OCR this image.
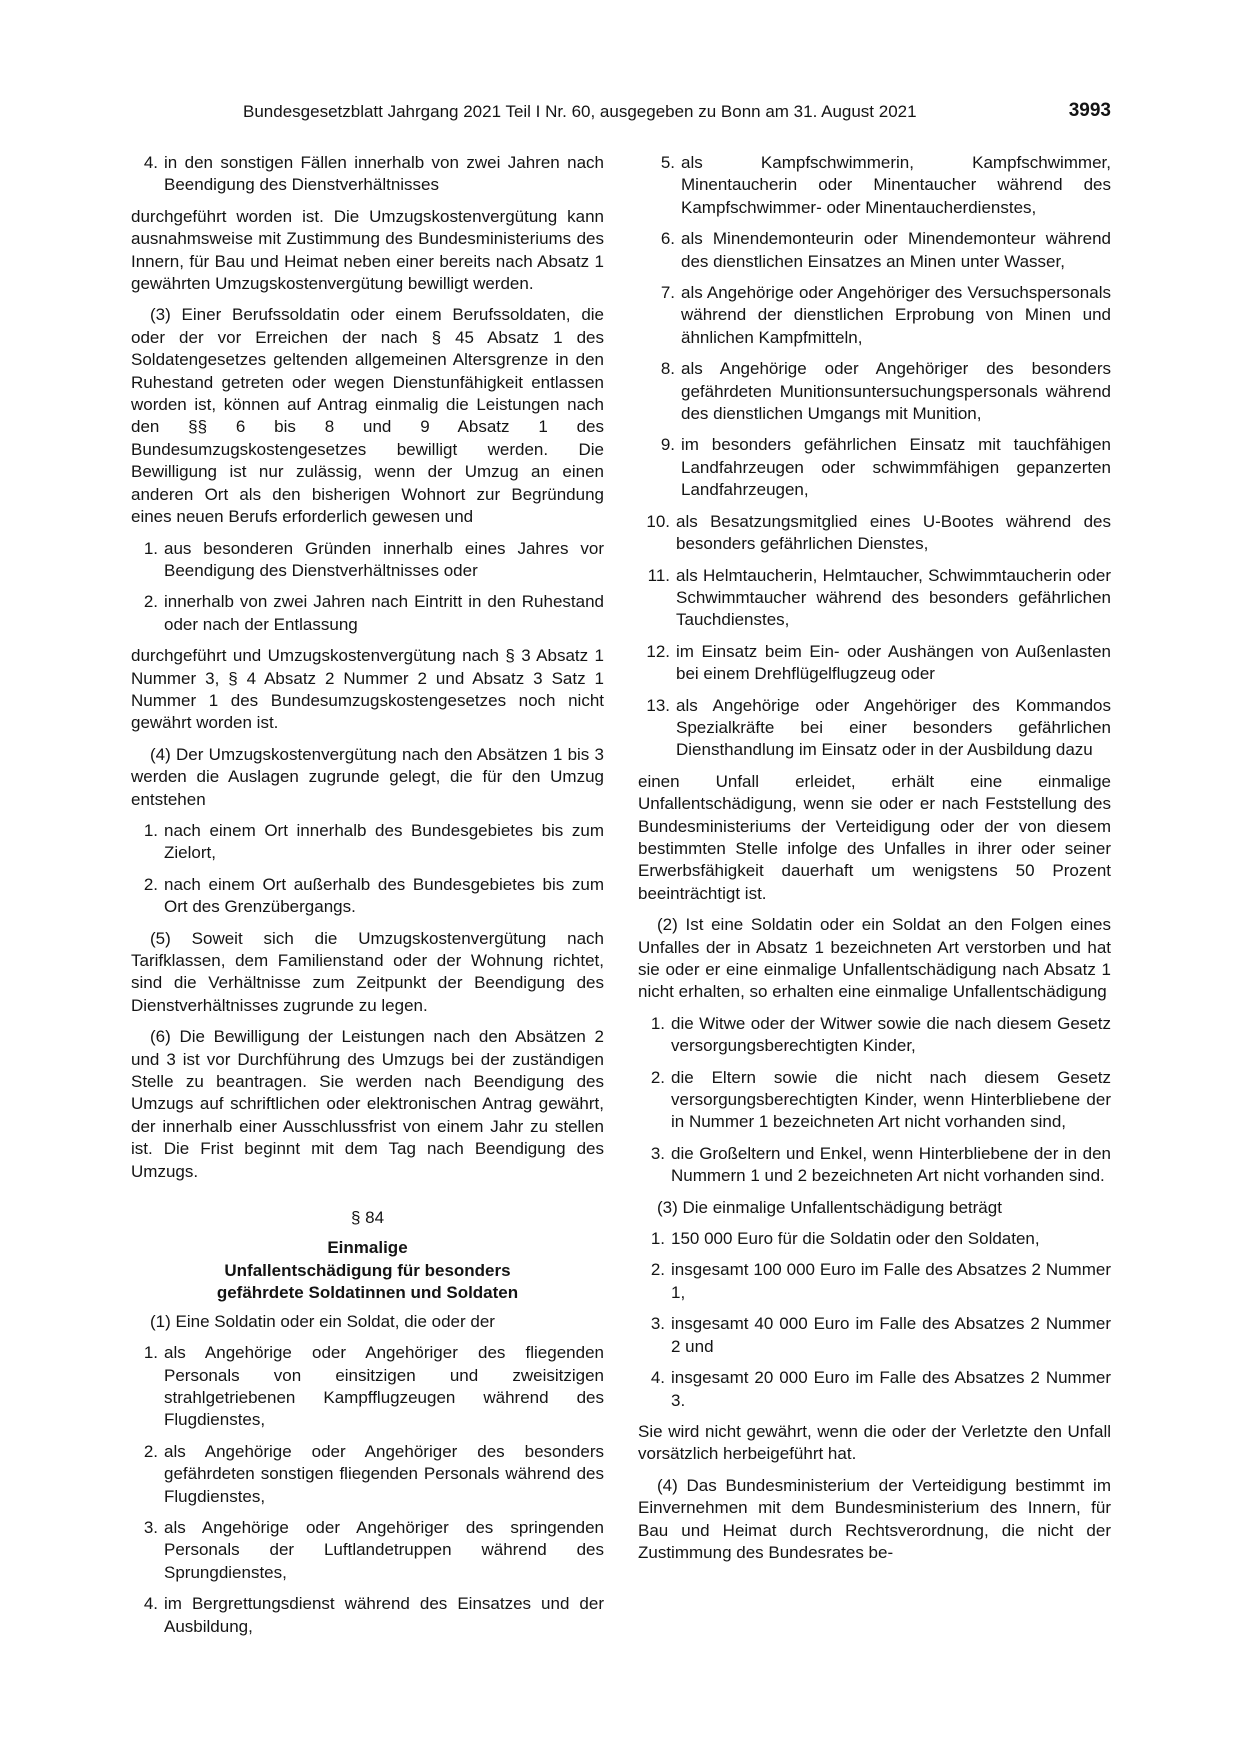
Bundesgesetzblatt Jahrgang 2021 Teil I Nr. 60, ausgegeben zu Bonn am 31. August 2021	3993
4. in den sonstigen Fällen innerhalb von zwei Jahren nach Beendigung des Dienstverhältnisses

durchgeführt worden ist. Die Umzugskostenvergütung kann ausnahmsweise mit Zustimmung des Bundesministeriums des Innern, für Bau und Heimat neben einer bereits nach Absatz 1 gewährten Umzugskostenvergütung bewilligt werden.

(3) Einer Berufssoldatin oder einem Berufssoldaten, die oder der vor Erreichen der nach § 45 Absatz 1 des Soldatengesetzes geltenden allgemeinen Altersgrenze in den Ruhestand getreten oder wegen Dienstunfähigkeit entlassen worden ist, können auf Antrag einmalig die Leistungen nach den §§ 6 bis 8 und 9 Absatz 1 des Bundesumzugskostengesetzes bewilligt werden. Die Bewilligung ist nur zulässig, wenn der Umzug an einen anderen Ort als den bisherigen Wohnort zur Begründung eines neuen Berufs erforderlich gewesen und

1. aus besonderen Gründen innerhalb eines Jahres vor Beendigung des Dienstverhältnisses oder
2. innerhalb von zwei Jahren nach Eintritt in den Ruhestand oder nach der Entlassung

durchgeführt und Umzugskostenvergütung nach § 3 Absatz 1 Nummer 3, § 4 Absatz 2 Nummer 2 und Absatz 3 Satz 1 Nummer 1 des Bundesumzugskostengesetzes noch nicht gewährt worden ist.

(4) Der Umzugskostenvergütung nach den Absätzen 1 bis 3 werden die Auslagen zugrunde gelegt, die für den Umzug entstehen

1. nach einem Ort innerhalb des Bundesgebietes bis zum Zielort,
2. nach einem Ort außerhalb des Bundesgebietes bis zum Ort des Grenzübergangs.

(5) Soweit sich die Umzugskostenvergütung nach Tarifklassen, dem Familienstand oder der Wohnung richtet, sind die Verhältnisse zum Zeitpunkt der Beendigung des Dienstverhältnisses zugrunde zu legen.

(6) Die Bewilligung der Leistungen nach den Absätzen 2 und 3 ist vor Durchführung des Umzugs bei der zuständigen Stelle zu beantragen. Sie werden nach Beendigung des Umzugs auf schriftlichen oder elektronischen Antrag gewährt, der innerhalb einer Ausschlussfrist von einem Jahr zu stellen ist. Die Frist beginnt mit dem Tag nach Beendigung des Umzugs.

§ 84
Einmalige
Unfallentschädigung für besonders
gefährdete Soldatinnen und Soldaten

(1) Eine Soldatin oder ein Soldat, die oder der

1. als Angehörige oder Angehöriger des fliegenden Personals von einsitzigen und zweisitzigen strahlgetriebenen Kampfflugzeugen während des Flugdienstes,
2. als Angehörige oder Angehöriger des besonders gefährdeten sonstigen fliegenden Personals während des Flugdienstes,
3. als Angehörige oder Angehöriger des springenden Personals der Luftlandetruppen während des Sprungdienstes,
4. im Bergrettungsdienst während des Einsatzes und der Ausbildung,
5. als Kampfschwimmerin, Kampfschwimmer, Minentaucherin oder Minentaucher während des Kampfschwimmer- oder Minentaucherdienstes,
6. als Minendemonteurin oder Minendemonteur während des dienstlichen Einsatzes an Minen unter Wasser,
7. als Angehörige oder Angehöriger des Versuchspersonals während der dienstlichen Erprobung von Minen und ähnlichen Kampfmitteln,
8. als Angehörige oder Angehöriger des besonders gefährdeten Munitionsuntersuchungspersonals während des dienstlichen Umgangs mit Munition,
9. im besonders gefährlichen Einsatz mit tauchfähigen Landfahrzeugen oder schwimmfähigen gepanzerten Landfahrzeugen,
10. als Besatzungsmitglied eines U-Bootes während des besonders gefährlichen Dienstes,
11. als Helmtaucherin, Helmtaucher, Schwimmtaucherin oder Schwimmtaucher während des besonders gefährlichen Tauchdienstes,
12. im Einsatz beim Ein- oder Aushängen von Außenlasten bei einem Drehflügelflugzeug oder
13. als Angehörige oder Angehöriger des Kommandos Spezialkräfte bei einer besonders gefährlichen Diensthandlung im Einsatz oder in der Ausbildung dazu

einen Unfall erleidet, erhält eine einmalige Unfallentschädigung, wenn sie oder er nach Feststellung des Bundesministeriums der Verteidigung oder der von diesem bestimmten Stelle infolge des Unfalles in ihrer oder seiner Erwerbsfähigkeit dauerhaft um wenigstens 50 Prozent beeinträchtigt ist.

(2) Ist eine Soldatin oder ein Soldat an den Folgen eines Unfalles der in Absatz 1 bezeichneten Art verstorben und hat sie oder er eine einmalige Unfallentschädigung nach Absatz 1 nicht erhalten, so erhalten eine einmalige Unfallentschädigung

1. die Witwe oder der Witwer sowie die nach diesem Gesetz versorgungsberechtigten Kinder,
2. die Eltern sowie die nicht nach diesem Gesetz versorgungsberechtigten Kinder, wenn Hinterbliebene der in Nummer 1 bezeichneten Art nicht vorhanden sind,
3. die Großeltern und Enkel, wenn Hinterbliebene der in den Nummern 1 und 2 bezeichneten Art nicht vorhanden sind.

(3) Die einmalige Unfallentschädigung beträgt

1. 150 000 Euro für die Soldatin oder den Soldaten,
2. insgesamt 100 000 Euro im Falle des Absatzes 2 Nummer 1,
3. insgesamt 40 000 Euro im Falle des Absatzes 2 Nummer 2 und
4. insgesamt 20 000 Euro im Falle des Absatzes 2 Nummer 3.

Sie wird nicht gewährt, wenn die oder der Verletzte den Unfall vorsätzlich herbeigeführt hat.

(4) Das Bundesministerium der Verteidigung bestimmt im Einvernehmen mit dem Bundesministerium des Innern, für Bau und Heimat durch Rechtsverordnung, die nicht der Zustimmung des Bundesrates be-
